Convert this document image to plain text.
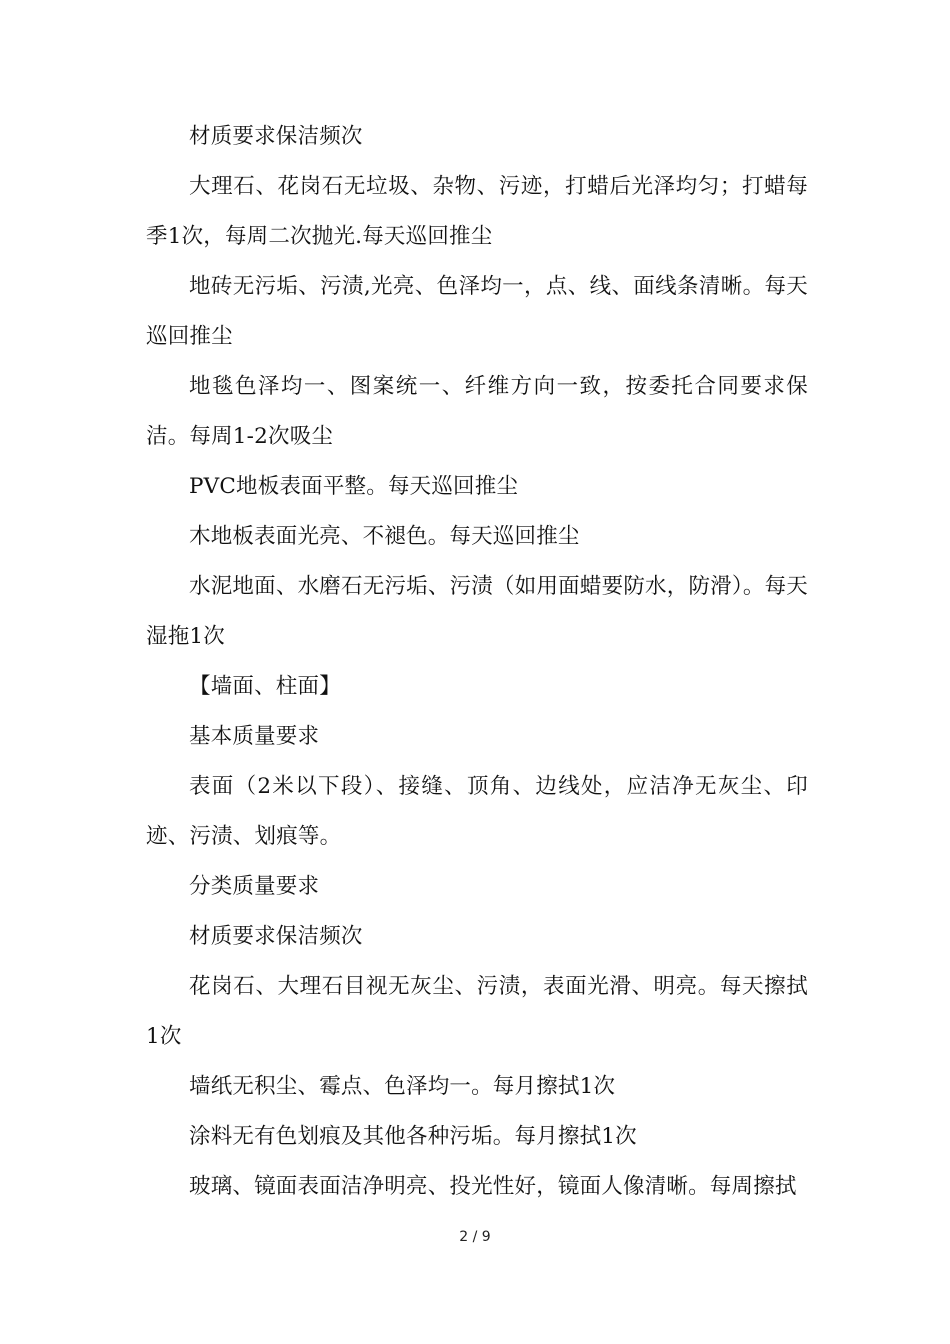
材质要求保洁频次

大理石、花岗石无垃圾、杂物、污迹，打蜡后光泽均匀；打蜡每季1次，每周二次抛光.每天巡回推尘

地砖无污垢、污渍,光亮、色泽均一，点、线、面线条清晰。每天巡回推尘

地毯色泽均一、图案统一、纤维方向一致，按委托合同要求保洁。每周1-2次吸尘

PVC地板表面平整。每天巡回推尘

木地板表面光亮、不褪色。每天巡回推尘

水泥地面、水磨石无污垢、污渍（如用面蜡要防水，防滑）。每天湿拖1次

【墙面、柱面】

基本质量要求

表面（2米以下段）、接缝、顶角、边线处，应洁净无灰尘、印迹、污渍、划痕等。

分类质量要求

材质要求保洁频次

花岗石、大理石目视无灰尘、污渍，表面光滑、明亮。每天擦拭1次

墙纸无积尘、霉点、色泽均一。每月擦拭1次

涂料无有色划痕及其他各种污垢。每月擦拭1次

玻璃、镜面表面洁净明亮、投光性好，镜面人像清晰。每周擦拭

2 / 9
